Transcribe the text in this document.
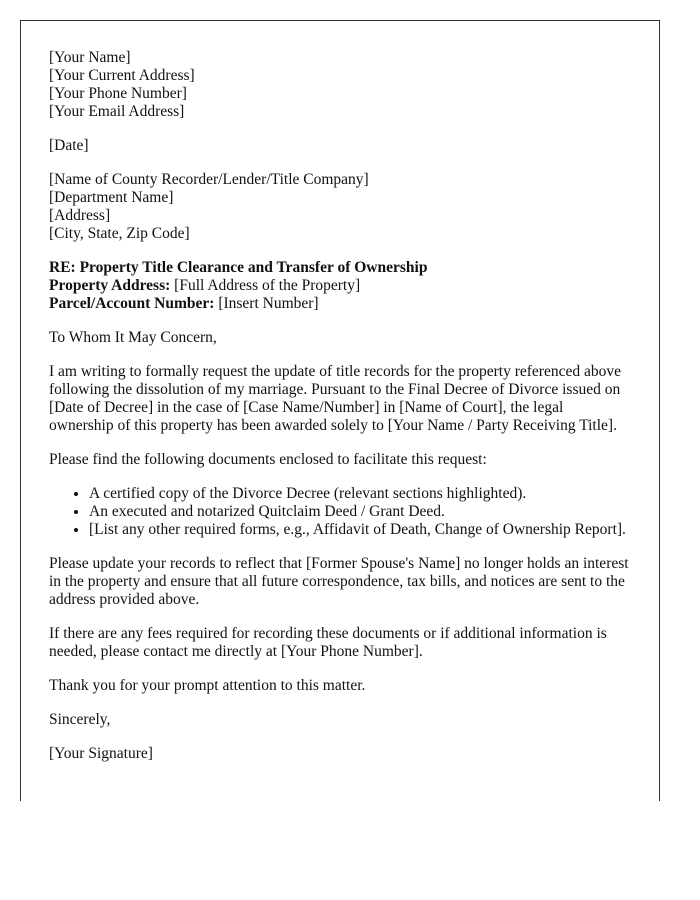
[Your Name]
[Your Current Address]
[Your Phone Number]
[Your Email Address]

[Date]

[Name of County Recorder/Lender/Title Company]
[Department Name]
[Address]
[City, State, Zip Code]

RE: Property Title Clearance and Transfer of Ownership
Property Address: [Full Address of the Property]
Parcel/Account Number: [Insert Number]

To Whom It May Concern,

I am writing to formally request the update of title records for the property referenced above following the dissolution of my marriage. Pursuant to the Final Decree of Divorce issued on [Date of Decree] in the case of [Case Name/Number] in [Name of Court], the legal ownership of this property has been awarded solely to [Your Name / Party Receiving Title].

Please find the following documents enclosed to facilitate this request:

• A certified copy of the Divorce Decree (relevant sections highlighted).
• An executed and notarized Quitclaim Deed / Grant Deed.
• [List any other required forms, e.g., Affidavit of Death, Change of Ownership Report].

Please update your records to reflect that [Former Spouse's Name] no longer holds an interest in the property and ensure that all future correspondence, tax bills, and notices are sent to the address provided above.

If there are any fees required for recording these documents or if additional information is needed, please contact me directly at [Your Phone Number].

Thank you for your prompt attention to this matter.

Sincerely,

[Your Signature]
